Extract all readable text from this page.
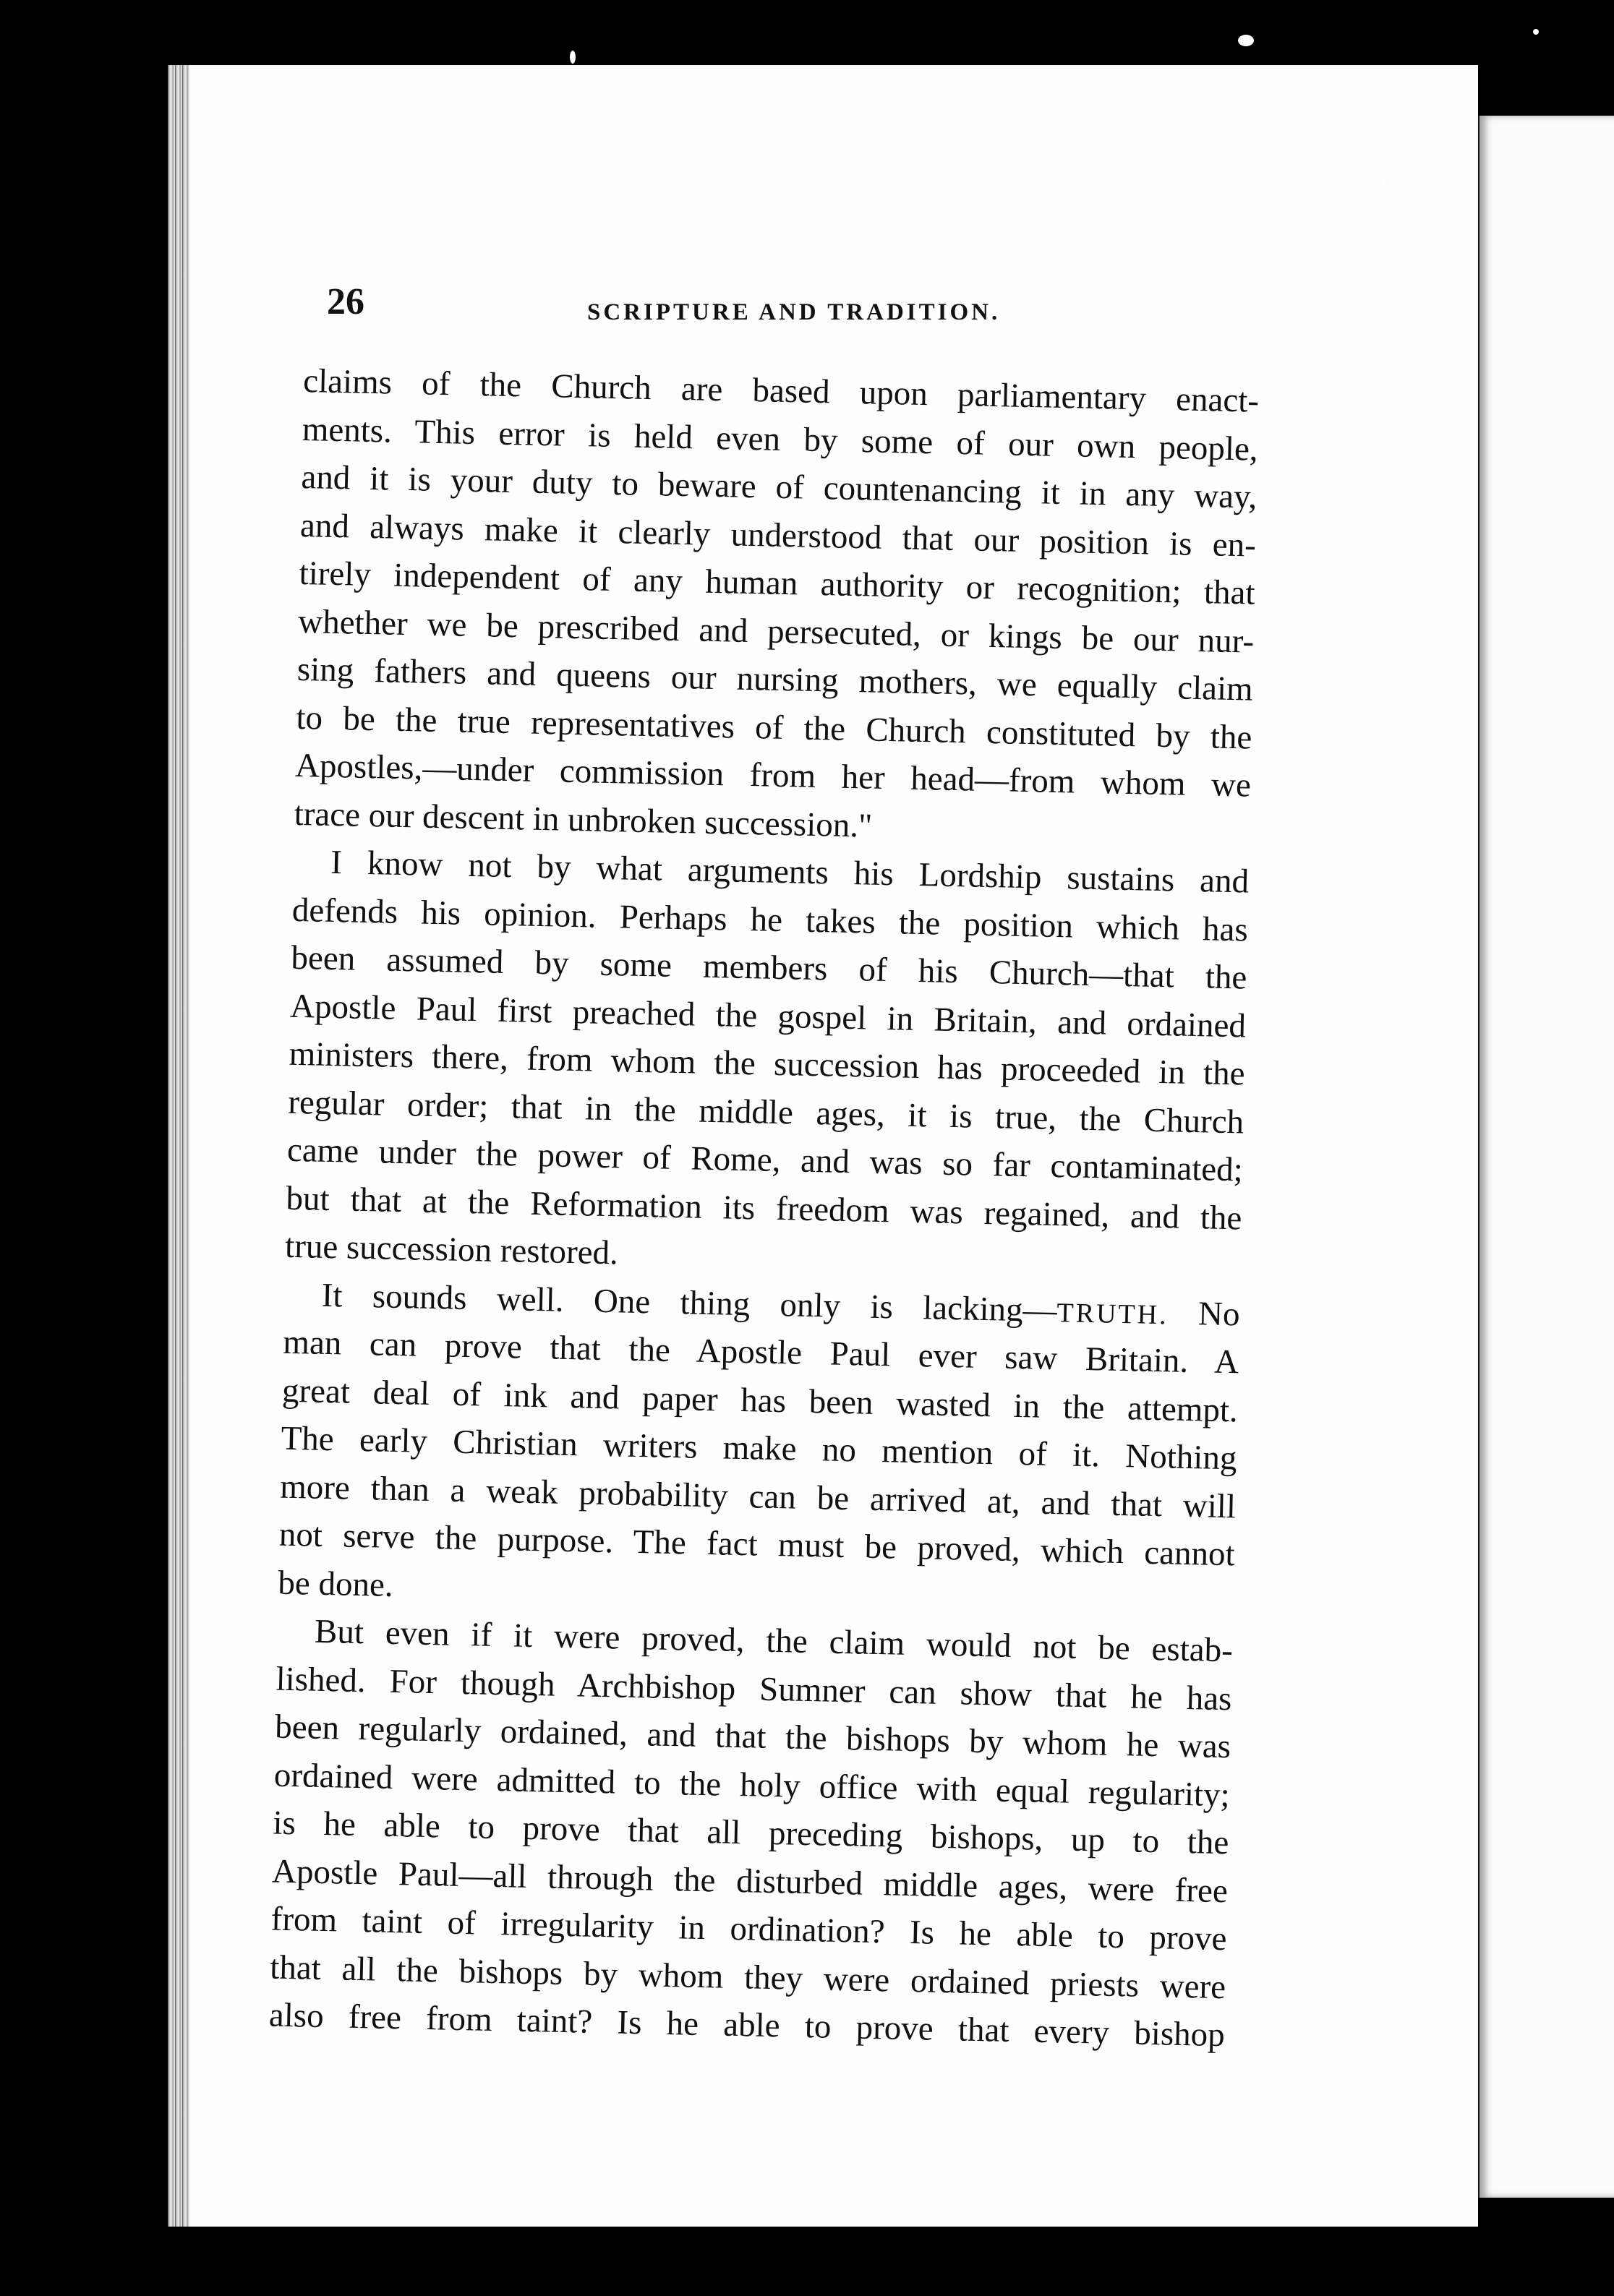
26	SCRIPTURE AND TRADITION.
claims of the Church are based upon parliamentary enact-
ments. This error is held even by some of our own people,
and it is your duty to beware of countenancing it in any way,
and always make it clearly understood that our position is en-
tirely independent of any human authority or recognition; that
whether we be prescribed and persecuted, or kings be our nur-
sing fathers and queens our nursing mothers, we equally claim
to be the true representatives of the Church constituted by the
Apostles,—under commission from her head—from whom we
trace our descent in unbroken succession."
I know not by what arguments his Lordship sustains and
defends his opinion. Perhaps he takes the position which has
been assumed by some members of his Church—that the
Apostle Paul first preached the gospel in Britain, and ordained
ministers there, from whom the succession has proceeded in the
regular order; that in the middle ages, it is true, the Church
came under the power of Rome, and was so far contaminated;
but that at the Reformation its freedom was regained, and the
true succession restored.
It sounds well. One thing only is lacking—TRUTH. No
man can prove that the Apostle Paul ever saw Britain. A
great deal of ink and paper has been wasted in the attempt.
The early Christian writers make no mention of it. Nothing
more than a weak probability can be arrived at, and that will
not serve the purpose. The fact must be proved, which cannot
be done.
But even if it were proved, the claim would not be estab-
lished. For though Archbishop Sumner can show that he has
been regularly ordained, and that the bishops by whom he was
ordained were admitted to the holy office with equal regularity;
is he able to prove that all preceding bishops, up to the
Apostle Paul—all through the disturbed middle ages, were free
from taint of irregularity in ordination? Is he able to prove
that all the bishops by whom they were ordained priests were
also free from taint? Is he able to prove that every bishop
